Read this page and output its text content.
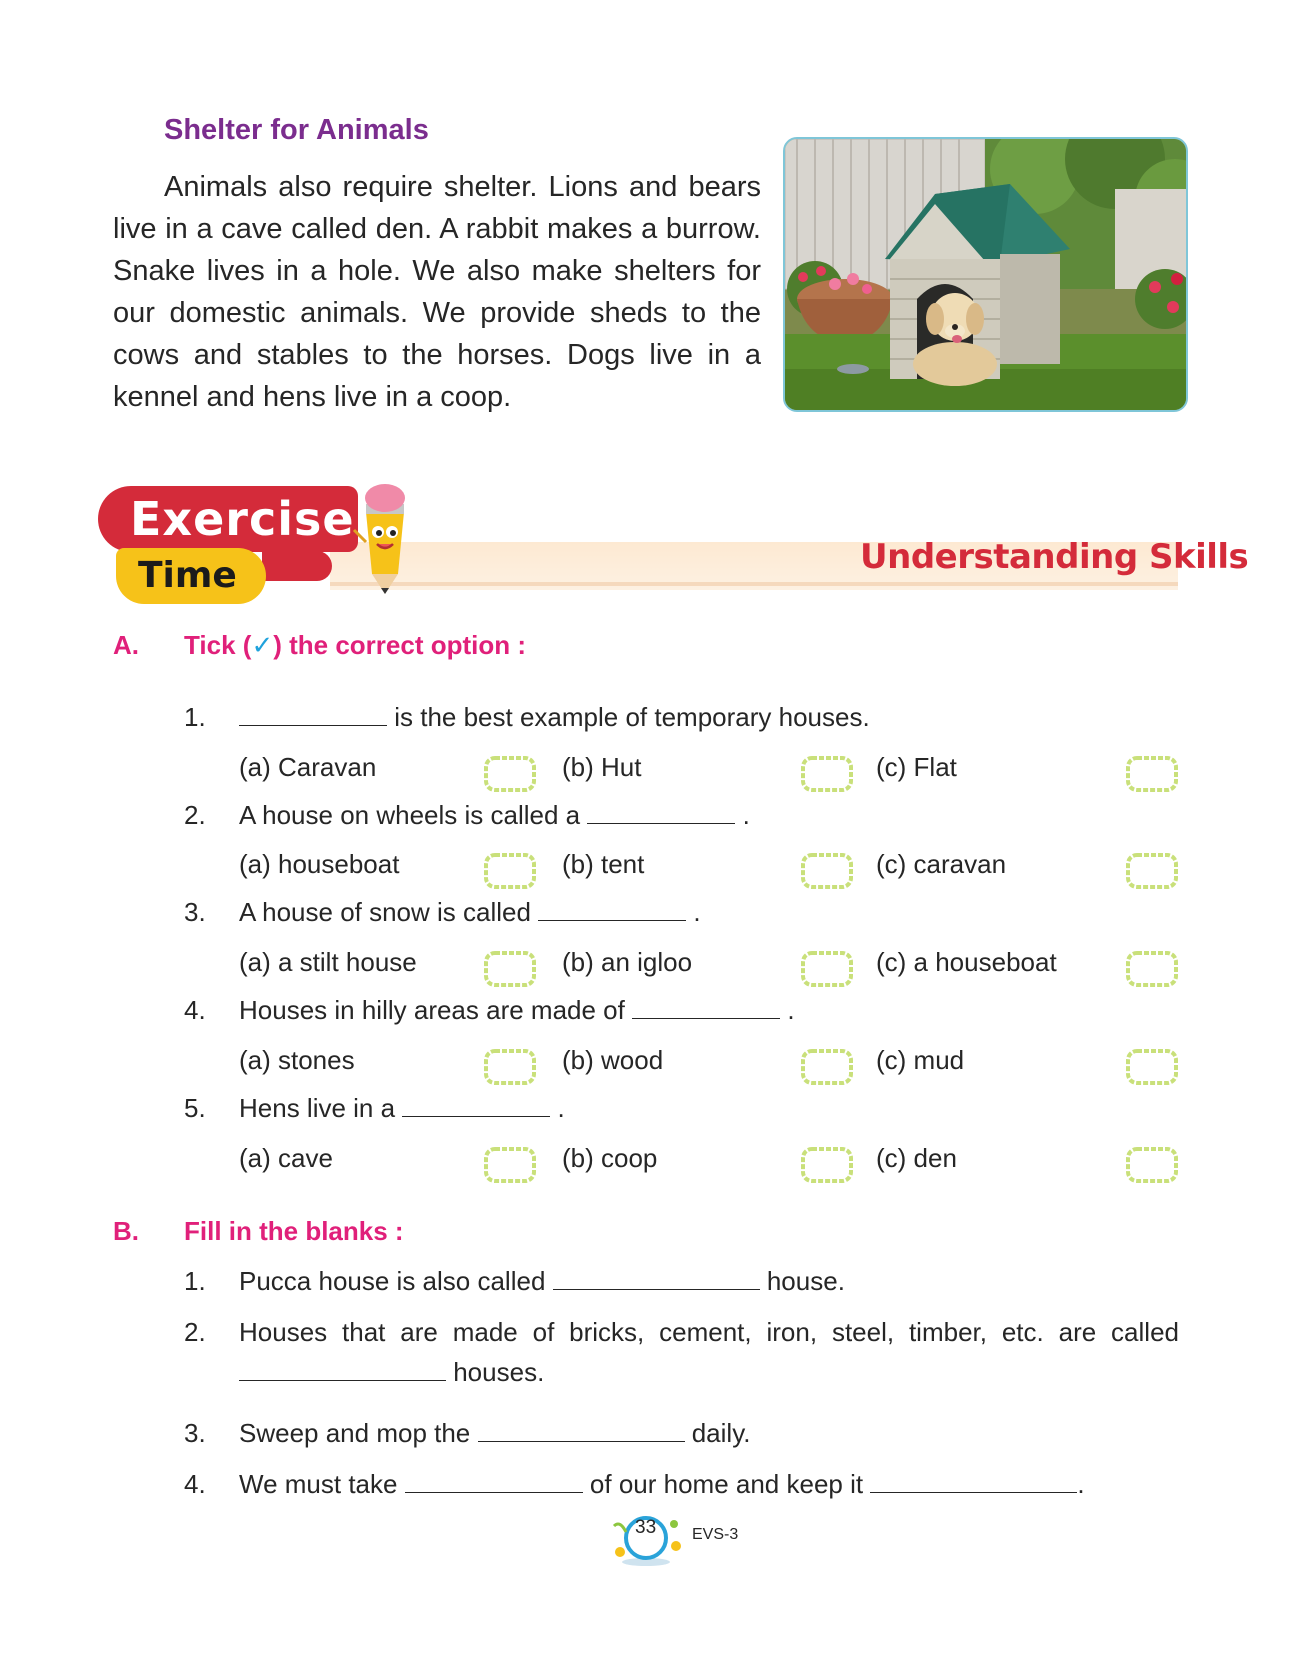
Shelter for Animals

Animals also require shelter. Lions and bears live in a cave called den. A rabbit makes a burrow. Snake lives in a hole. We also make shelters for our domestic animals. We provide sheds to the cows and stables to the horses. Dogs live in a kennel and hens live in a coop.

Exercise
Time	Understanding Skills
A. Tick (✓) the correct option :
1.	is the best example of temporary houses.
(a) Caravan	(b) Hut	(c) Flat
2. A house on wheels is called a	.
(a) houseboat	(b) tent	(c) caravan
3. A house of snow is called	.
(a) a stilt house	(b) an igloo	(c) a houseboat
4. Houses in hilly areas are made of	.
(a) stones	(b) wood	(c) mud
5. Hens live in a	.
(a) cave	(b) coop	(c) den
B. Fill in the blanks :
1. Pucca house is also called	house.
2. Houses that are made of bricks, cement, iron, steel, timber, etc. are called
houses.
3. Sweep and mop the	daily.
4. We must take	of our home and keep it	.
33 EVS-3
